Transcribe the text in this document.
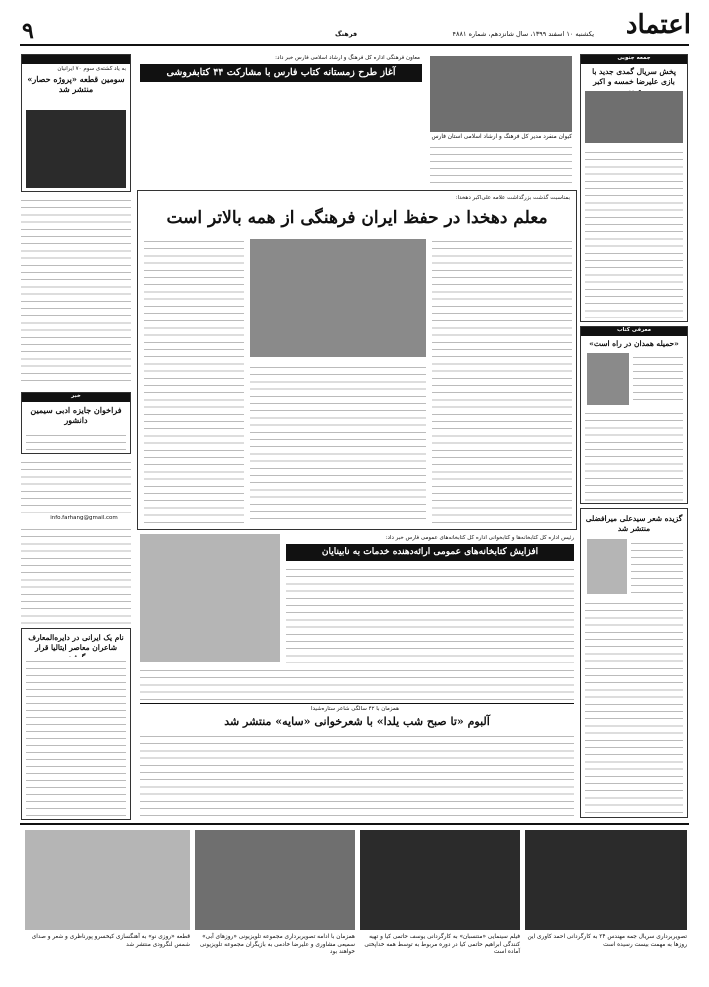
اعتماد
یکشنبه ۱۰ اسفند ۱۳۹۹، سال شانزدهم، شماره ۴۸۸۱
فرهنگ
۹
به یاد کشته‌ی سوم ۷۰ ایرانیان
سومین قطعه «پروژه حصار» منتشر شد
خبر
فراخوان جایزه ادبی سیمین دانشور
info.farhang@gmail.com
نام یک ایرانی در دایره‌المعارف شاعران معاصر ایتالیا قرار
معاون فرهنگی اداره کل فرهنگ و ارشاد اسلامی فارس خبر داد:
آغاز طرح زمستانه کتاب فارس با مشارکت ۴۴ کتابفروشی
کیوان منفرد مدیر کل فرهنگ و ارشاد اسلامی استان فارس
بمناسبت گذشت بزرگداشت علامه علی‌اکبر دهخدا:
معلم دهخدا در حفظ ایران فرهنگی از همه بالاتر است
جمعه جنوبی
پخش سریال گمدی جدید با بازی علیرضا خمسه و اکبر
معرفی کتاب
«حمیله همدان در راه است»
گزیده شعر سیدعلی میرافضلی منتشر شد
رئیس اداره کل کتابخانه‌ها و کتابخوانی اداره کل کتابخانه‌های عمومی فارس خبر داد:
افزایش کتابخانه‌های عمومی ارائه‌دهنده خدمات به نابینایان
همزمان با ۴۲ سالگی شاعر ستاره‌شیدا
آلبوم «تا صبح شب یلدا» با شعرخوانی «سایه» منتشر شد
تصویربرداری سریال جمه مهندس ۲۴ به کارگردانی احمد کاوری این روزها به مهمت بیست رسیده است
فیلم سینمایی «منتسبان» به کارگردانی یوسف حاتمی کیا و تهیه کنندگی ابراهیم حاتمی کیا در دوره مربوط به توسط همه خداپختی آماده است
همزمان با ادامه تصویربرداری مجموعه تلویزیونی «روزهای آبی» سمیعی مشاوری و علیرضا خادمی به بازیگران مجموعه تلویزیونی خواهند بود
قطعه «روزی نو» به آهنگسازی کیخسرو پورناظری و شعر و صدای شمس لنگرودی منتشر شد
